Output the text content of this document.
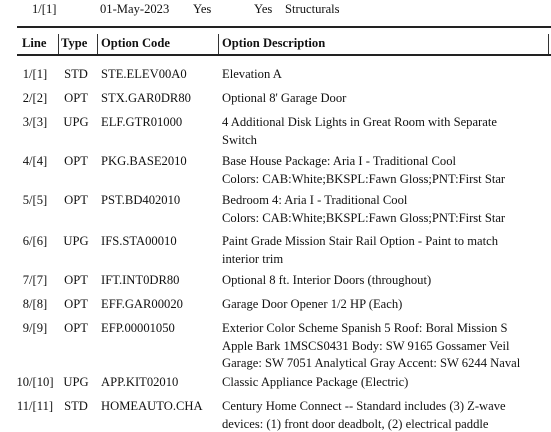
1/[1]	01-May-2023 Yes	Yes Structurals
Line Type Option Code	Option Description
1/[1]	STD	STE.ELEV00A0	Elevation A
2/[2]	OPT	STX.GAR0DR80 Optional 8' Garage Door
3/[3]	UPG ELF.GTR01000	4 Additional Disk Lights in Great Room with Separate
Switch
4/[4]	OPT	PKG.BASE2010	Base House Package: Aria I - Traditional Cool
Colors: CAB:White;BKSPL:Fawn Gloss;PNT:First Star
5/[5]	OPT	PST.BD402010	Bedroom 4: Aria I - Traditional Cool
Colors: CAB:White;BKSPL:Fawn Gloss;PNT:First Star
6/[6]	UPG IFS.STA00010	Paint Grade Mission Stair Rail Option - Paint to match
interior trim
7/[7]	OPT	IFT.INT0DR80	Optional 8 ft. Interior Doors (throughout)
8/[8]	OPT	EFF.GAR00020	Garage Door Opener 1/2 HP (Each)
9/[9]	OPT	EFP.00001050	Exterior Color Scheme Spanish 5 Roof: Boral Mission S
Apple Bark 1MSCS0431 Body: SW 9165 Gossamer Veil
Garage: SW 7051 Analytical Gray Accent: SW 6244 Naval
10/[10] UPG APP.KIT02010	Classic Appliance Package (Electric)
11/[11] STD	HOMEAUTO.CHA Century Home Connect -- Standard includes (3) Z-wave
devices: (1) front door deadbolt, (2) electrical paddle
